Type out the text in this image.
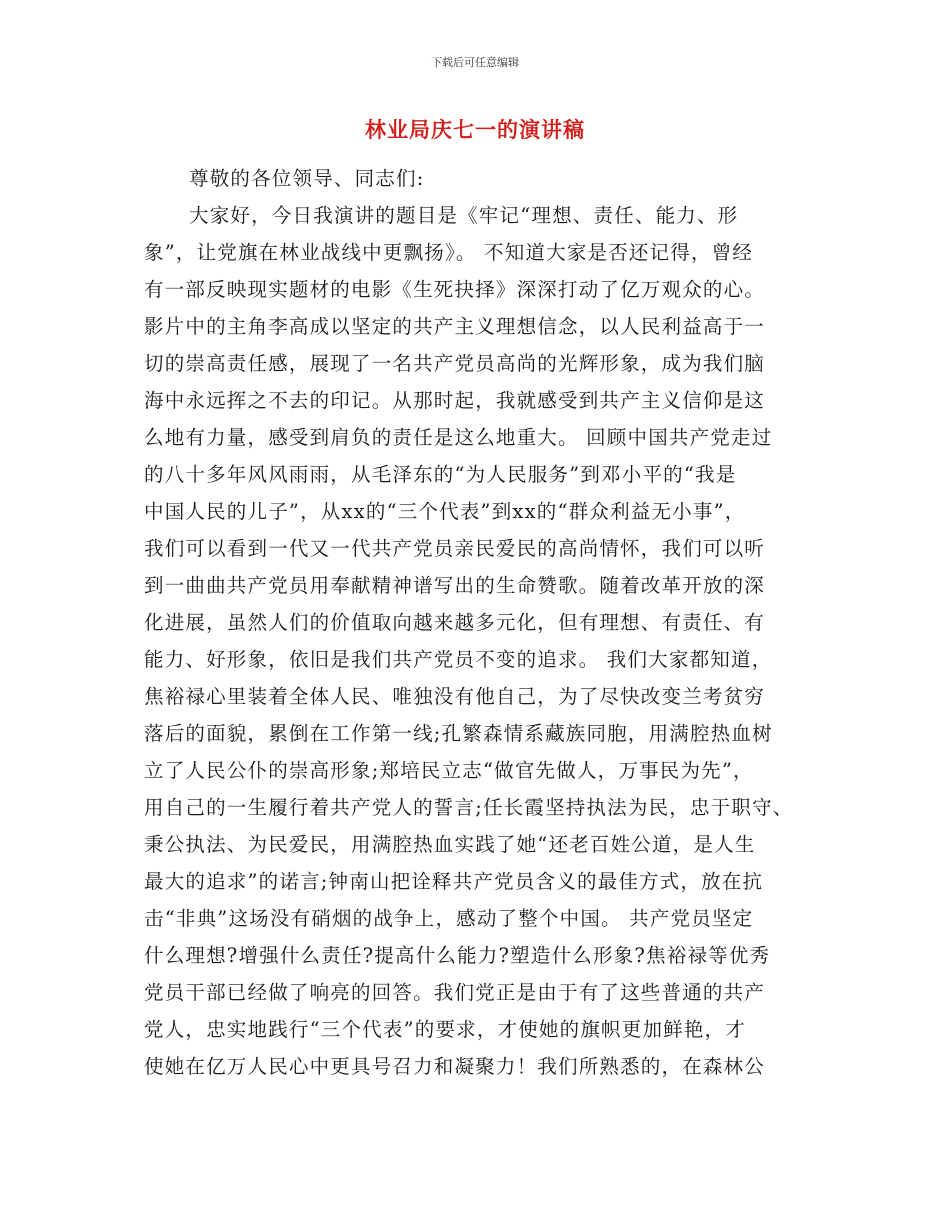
下载后可任意编辑
林业局庆七一的演讲稿
尊敬的各位领导、同志们:
大家好，今日我演讲的题目是《牢记“理想、责任、能力、形
象”，让党旗在林业战线中更飘扬》。 不知道大家是否还记得，曾经
有一部反映现实题材的电影《生死抉择》深深打动了亿万观众的心。
影片中的主角李高成以坚定的共产主义理想信念，以人民利益高于一
切的崇高责任感，展现了一名共产党员高尚的光辉形象，成为我们脑
海中永远挥之不去的印记。从那时起，我就感受到共产主义信仰是这
么地有力量，感受到肩负的责任是这么地重大。 回顾中国共产党走过
的八十多年风风雨雨，从毛泽东的“为人民服务”到邓小平的“我是
中国人民的儿子”，从xx的“三个代表”到xx的“群众利益无小事”，
我们可以看到一代又一代共产党员亲民爱民的高尚情怀，我们可以听
到一曲曲共产党员用奉献精神谱写出的生命赞歌。随着改革开放的深
化进展，虽然人们的价值取向越来越多元化，但有理想、有责任、有
能力、好形象，依旧是我们共产党员不变的追求。 我们大家都知道，
焦裕禄心里装着全体人民、唯独没有他自己，为了尽快改变兰考贫穷
落后的面貌，累倒在工作第一线;孔繁森情系藏族同胞，用满腔热血树
立了人民公仆的崇高形象;郑培民立志“做官先做人，万事民为先”，
用自己的一生履行着共产党人的誓言;任长霞坚持执法为民，忠于职守、
秉公执法、为民爱民，用满腔热血实践了她“还老百姓公道，是人生
最大的追求”的诺言;钟南山把诠释共产党员含义的最佳方式，放在抗
击“非典”这场没有硝烟的战争上，感动了整个中国。 共产党员坚定
什么理想?增强什么责任?提高什么能力?塑造什么形象?焦裕禄等优秀
党员干部已经做了响亮的回答。我们党正是由于有了这些普通的共产
党人，忠实地践行“三个代表”的要求，才使她的旗帜更加鲜艳，才
使她在亿万人民心中更具号召力和凝聚力！我们所熟悉的，在森林公
